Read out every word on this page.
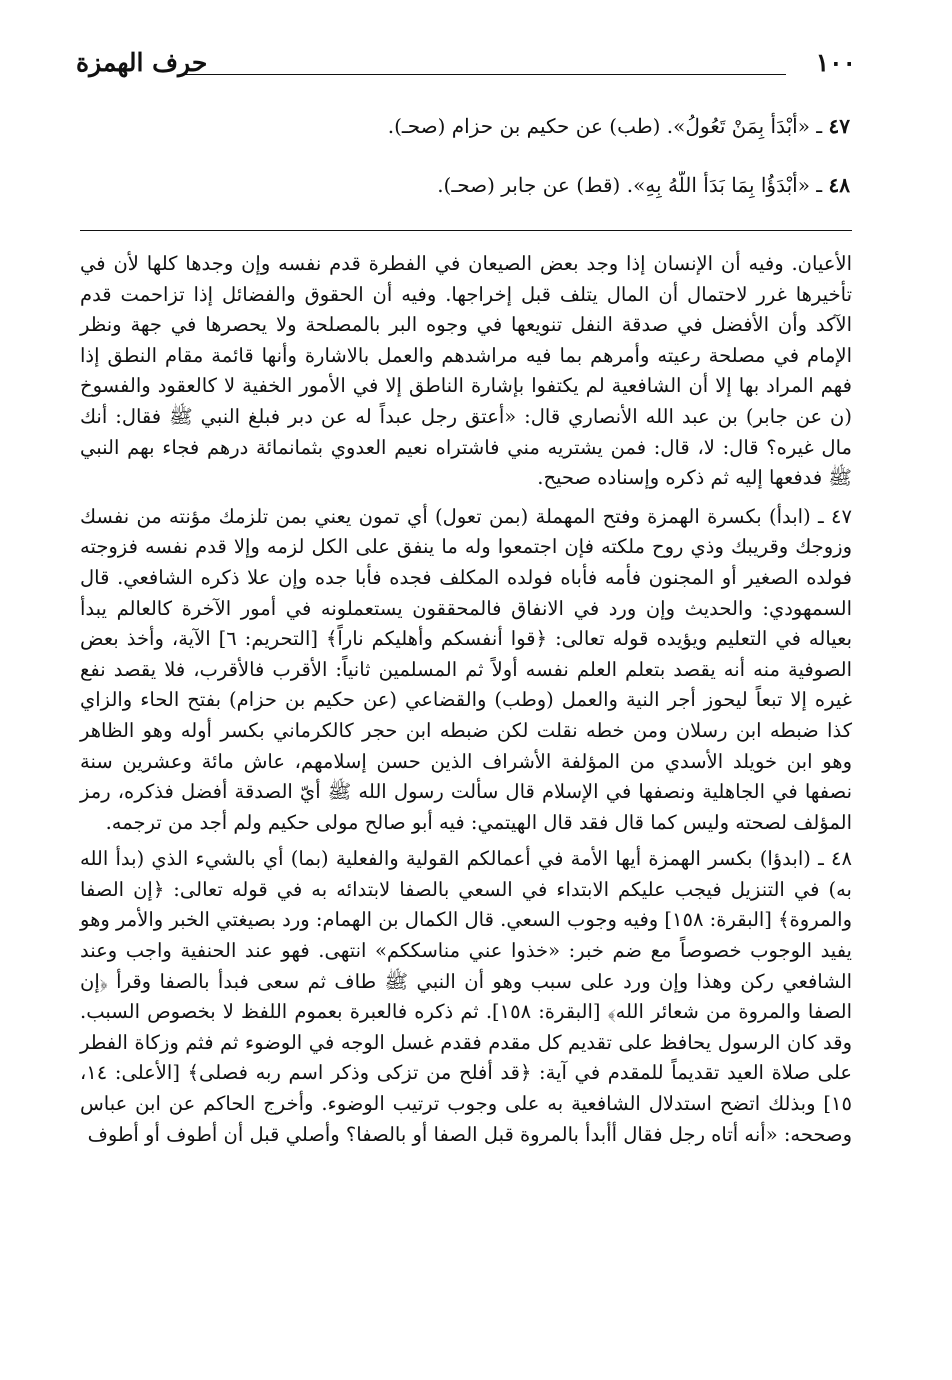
١٠٠
حرف الهمزة
٤٧ ـ «أَبْدَأْ بِمَنْ تَعُولُ». (طب) عن حكيم بن حزام (صحـ).
٤٨ ـ «أَبْدَؤُا بِمَا بَدَأَ اللَّهُ بِهِ». (قط) عن جابر (صحـ).

الأعيان. وفيه أن الإنسان إذا وجد بعض الصيعان في الفطرة قدم نفسه وإن وجدها كلها لأن في تأخيرها غرر لاحتمال أن المال يتلف قبل إخراجها. وفيه أن الحقوق والفضائل إذا تزاحمت قدم الآكد وأن الأفضل في صدقة النفل تنويعها في وجوه البر بالمصلحة ولا يحصرها في جهة ونظر الإمام في مصلحة رعيته وأمرهم بما فيه مراشدهم والعمل بالاشارة وأنها قائمة مقام النطق إذا فهم المراد بها إلا أن الشافعية لم يكتفوا بإشارة الناطق إلا في الأمور الخفية لا كالعقود والفسوخ (ن عن جابر) بن عبد الله الأنصاري قال: «أعتق رجل عبداً له عن دبر فبلغ النبي ﷺ فقال: أنك مال غيره؟ قال: لا، قال: فمن يشتريه مني فاشتراه نعيم العدوي بثمانمائة درهم فجاء بهم النبي ﷺ فدفعها إليه ثم ذكره وإسناده صحيح.

٤٧ ـ (ابدأ) بكسرة الهمزة وفتح المهملة (بمن تعول) أي تمون يعني بمن تلزمك مؤنته من نفسك وزوجك وقريبك وذي روح ملكته فإن اجتمعوا وله ما ينفق على الكل لزمه وإلا قدم نفسه فزوجته فولده الصغير أو المجنون فأمه فأباه فولده المكلف فجده فأبا جده وإن علا ذكره الشافعي. قال السمهودي: والحديث وإن ورد في الانفاق فالمحققون يستعملونه في أمور الآخرة كالعالم يبدأ بعياله في التعليم ويؤيده قوله تعالى: ﴿قوا أنفسكم وأهليكم ناراً﴾ [التحريم: ٦] الآية، وأخذ بعض الصوفية منه أنه يقصد بتعلم العلم نفسه أولاً ثم المسلمين ثانياً: الأقرب فالأقرب، فلا يقصد نفع غيره إلا تبعاً ليحوز أجر النية والعمل (وطب) والقضاعي (عن حكيم بن حزام) بفتح الحاء والزاي كذا ضبطه ابن رسلان ومن خطه نقلت لكن ضبطه ابن حجر كالكرماني بكسر أوله وهو الظاهر وهو ابن خويلد الأسدي من المؤلفة الأشراف الذين حسن إسلامهم، عاش مائة وعشرين سنة نصفها في الجاهلية ونصفها في الإسلام قال سألت رسول الله ﷺ أيّ الصدقة أفضل فذكره، رمز المؤلف لصحته وليس كما قال فقد قال الهيتمي: فيه أبو صالح مولى حكيم ولم أجد من ترجمه.

٤٨ ـ (ابدؤا) بكسر الهمزة أيها الأمة في أعمالكم القولية والفعلية (بما) أي بالشيء الذي (بدأ الله به) في التنزيل فيجب عليكم الابتداء في السعي بالصفا لابتدائه به في قوله تعالى: ﴿إن الصفا والمروة﴾ [البقرة: ١٥٨] وفيه وجوب السعي. قال الكمال بن الهمام: ورد بصيغتي الخبر والأمر وهو يفيد الوجوب خصوصاً مع ضم خبر: «خذوا عني مناسككم» انتهى. فهو عند الحنفية واجب وعند الشافعي ركن وهذا وإن ورد على سبب وهو أن النبي ﷺ طاف ثم سعى فبدأ بالصفا وقرأ ﴿إن الصفا والمروة من شعائر الله﴾ [البقرة: ١٥٨]. ثم ذكره فالعبرة بعموم اللفظ لا بخصوص السبب. وقد كان الرسول يحافظ على تقديم كل مقدم فقدم غسل الوجه في الوضوء ثم فثم وزكاة الفطر على صلاة العيد تقديماً للمقدم في آية: ﴿قد أفلح من تزكى وذكر اسم ربه فصلى﴾ [الأعلى: ١٤، ١٥] وبذلك اتضح استدلال الشافعية به على وجوب ترتيب الوضوء. وأخرج الحاكم عن ابن عباس وصححه: «أنه أتاه رجل فقال أأبدأ بالمروة قبل الصفا أو بالصفا؟ وأصلي قبل أن أطوف أو أطوف
